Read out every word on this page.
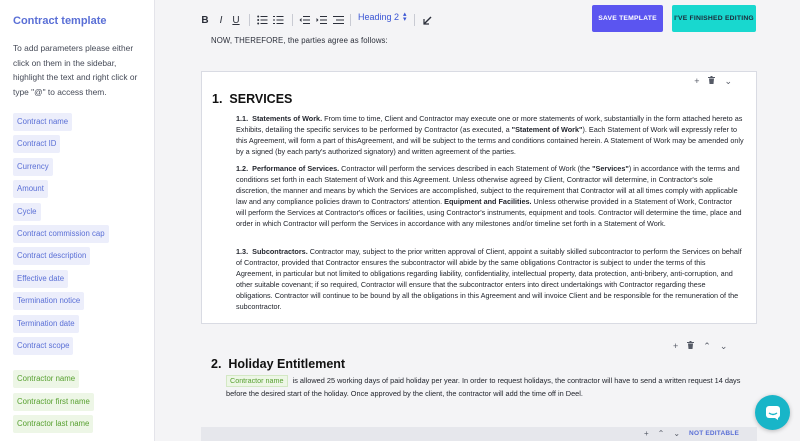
Contract template
To add parameters please either click on them in the sidebar, highlight the text and right click or type "@" to access them.
Contract name
Contract ID
Currency
Amount
Cycle
Contract commission cap
Contract description
Effective date
Termination notice
Termination date
Contract scope
Contractor name
Contractor first name
Contractor last name
B	I U	Heading 2 ▴
▾	SAVE TEMPLATE	I'VE FINISHED EDITING
NOW, THEREFORE, the parties agree as follows:
+	⌄
1. SERVICES
1.1. Statements of Work. From time to time, Client and Contractor may execute one or more statements of work, substantially in the form attached hereto as Exhibits, detailing the specific services to be performed by Contractor (as executed, a "Statement of Work"). Each Statement of Work will expressly refer to this Agreement, will form a part of thisAgreement, and will be subject to the terms and conditions contained herein. A Statement of Work may be amended only by a signed (by each party's authorized signatory) and written agreement of the parties.
1.2. Performance of Services. Contractor will perform the services described in each Statement of Work (the "Services") in accordance with the terms and conditions set forth in each Statement of Work and this Agreement. Unless otherwise agreed by Client, Contractor will determine, in Contractor's sole discretion, the manner and means by which the Services are accomplished, subject to the requirement that Contractor will at all times comply with applicable law and any compliance policies drawn to Contractors' attention. Equipment and Facilities. Unless otherwise provided in a Statement of Work, Contractor will perform the Services at Contractor's offices or facilities, using Contractor's instruments, equipment and tools. Contractor will determine the time, place and order in which Contractor will perform the Services in accordance with any milestones and/or timeline set forth in a Statement of Work.
1.3. Subcontractors. Contractor may, subject to the prior written approval of Client, appoint a suitably skilled subcontractor to perform the Services on behalf of Contractor, provided that Contractor ensures the subcontractor will abide by the same obligations Contractor is subject to under the terms of this Agreement, in particular but not limited to obligations regarding liability, confidentiality, intellectual property, data protection, anti-bribery, anti-corruption, and other suitable covenant; if so required, Contractor will ensure that the subcontractor enters into direct undertakings with Contractor regarding these obligations. Contractor will continue to be bound by all the obligations in this Agreement and will invoice Client and be responsible for the remuneration of the subcontractor.
+	⌃ ⌄
2. Holiday Entitlement
Contractor name is allowed 25 working days of paid holiday per year. In order to request holidays, the contractor will have to send a written request 14 days before the desired start of the holiday. Once approved by the client, the contractor will add the time off in Deel.
+ ⌃ ⌄ NOT EDITABLE
